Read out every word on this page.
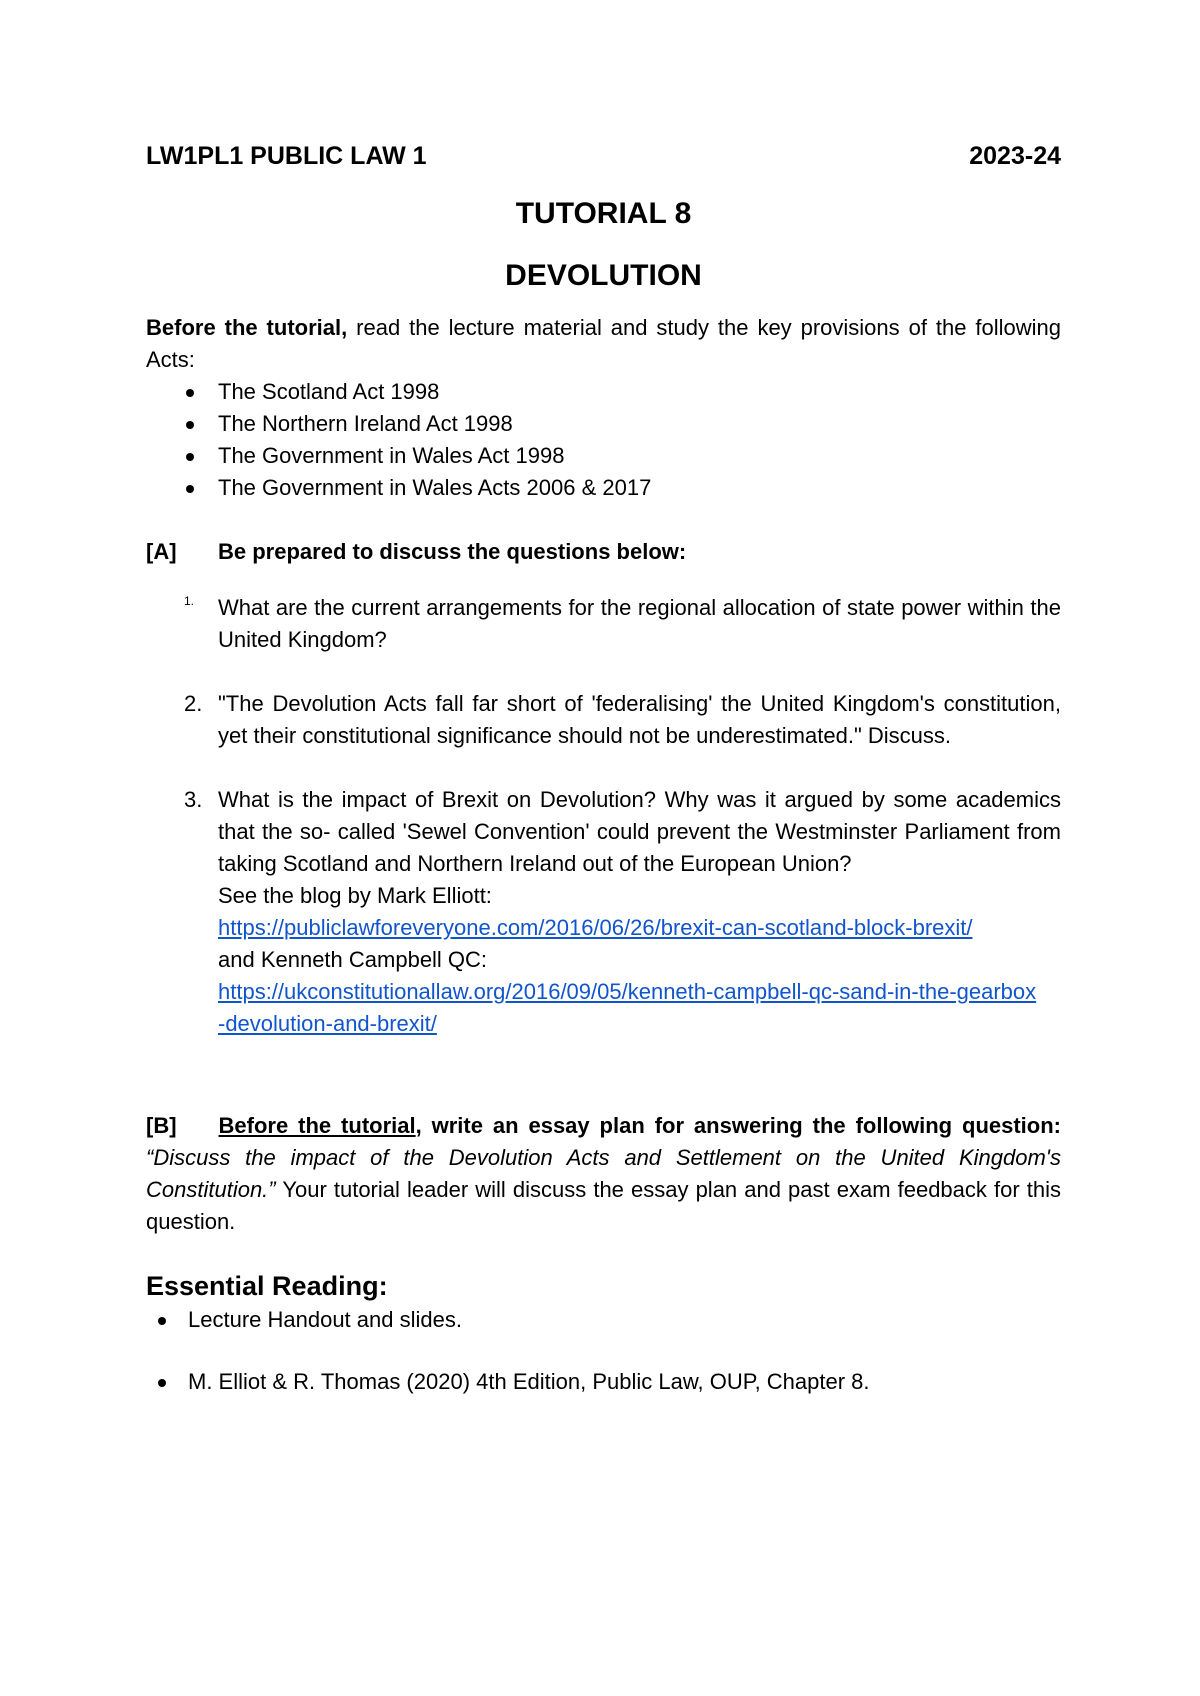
LW1PL1 PUBLIC LAW 1	2023-24
TUTORIAL 8
DEVOLUTION
Before the tutorial, read the lecture material and study the key provisions of the following Acts:
The Scotland Act 1998
The Northern Ireland Act 1998
The Government in Wales Act 1998
The Government in Wales Acts 2006 & 2017
[A]	Be prepared to discuss the questions below:
1.	What are the current arrangements for the regional allocation of state power within the United Kingdom?
2. "The Devolution Acts fall far short of 'federalising' the United Kingdom's constitution, yet their constitutional significance should not be underestimated." Discuss.
3. What is the impact of Brexit on Devolution? Why was it argued by some academics that the so- called 'Sewel Convention' could prevent the Westminster Parliament from taking Scotland and Northern Ireland out of the European Union?
See the blog by Mark Elliott:
https://publiclawforeveryone.com/2016/06/26/brexit-can-scotland-block-brexit/
and Kenneth Campbell QC:
https://ukconstitutionallaw.org/2016/09/05/kenneth-campbell-qc-sand-in-the-gearbox-devolution-and-brexit/
[B] Before the tutorial, write an essay plan for answering the following question: “Discuss the impact of the Devolution Acts and Settlement on the United Kingdom's Constitution.” Your tutorial leader will discuss the essay plan and past exam feedback for this question.
Essential Reading:
Lecture Handout and slides.
M. Elliot & R. Thomas (2020) 4th Edition, Public Law, OUP, Chapter 8.
